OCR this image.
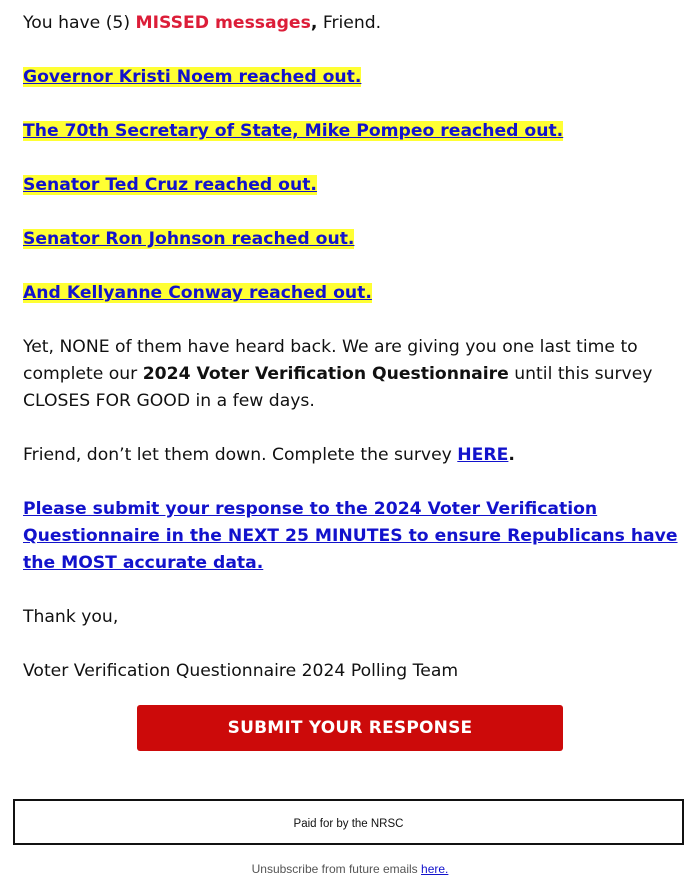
You have (5) MISSED messages, Friend.

Governor Kristi Noem reached out.

The 70th Secretary of State, Mike Pompeo reached out.

Senator Ted Cruz reached out.

Senator Ron Johnson reached out.

And Kellyanne Conway reached out.

Yet, NONE of them have heard back. We are giving you one last time to complete our 2024 Voter Verification Questionnaire until this survey CLOSES FOR GOOD in a few days.

Friend, don’t let them down. Complete the survey HERE.

Please submit your response to the 2024 Voter Verification Questionnaire in the NEXT 25 MINUTES to ensure Republicans have the MOST accurate data.

Thank you,

Voter Verification Questionnaire 2024 Polling Team

SUBMIT YOUR RESPONSE
Paid for by the NRSC
Unsubscribe from future emails here.
